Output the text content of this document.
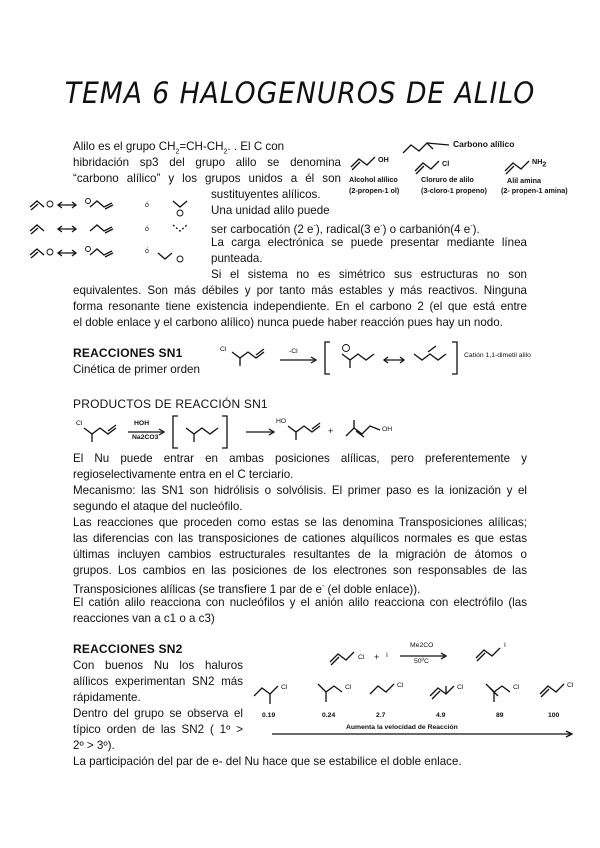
TEMA 6 HALOGENUROS DE ALILO
Alilo es el grupo $CH_2=CH-CH_2$. . El C con
hibridación sp3 del grupo alilo se denomina
“carbono alílico” y los grupos unidos a él son
sustituyentes alílicos.
Una unidad alilo puede
ser carbocatión (2 e-), radical(3 e-) o carbanión(4 e-).
La carga electrónica se puede presentar mediante línea
punteada.
Si el sistema no es simétrico sus estructuras no son
equivalentes. Son más débiles y por tanto más estables y más reactivos. Ninguna
forma resonante tiene existencia independiente. En el carbono 2 (el que está entre
el doble enlace y el carbono alílico) nunca puede haber reacción pues hay un nodo.
Carbono alílico
OH	Cl	$NH_2$
Alcohol alílico
(2-propen-1 ol)
Cloruro de alilo
(3-cloro-1 propeno)
Alil amina
(2- propen-1 amina)
ó
ó
ó
REACCIONES SN1
Cinética de primer orden
Cl	-Cl
Catión 1,1-dimetil alilo
PRODUCTOS DE REACCIÓN SN1
Cl	HOH
Na2CO3
HO
+	OH
El Nu puede entrar en ambas posiciones alílicas, pero preferentemente y
regioselectivamente entra en el C terciario.
Mecanismo: las SN1 son hidrólisis o solvólisis. El primer paso es la ionización y el
segundo el ataque del nucleófilo.
Las reacciones que proceden como estas se las denomina Transposiciones alílicas;
las diferencias con las transposiciones de cationes alquílicos normales es que estas
últimas incluyen cambios estructurales resultantes de la migración de átomos o
grupos. Los cambios en las posiciones de los electrones son responsables de las
Transposiciones alílicas (se transfiere 1 par de e- (el doble enlace)).
El catión alilo reacciona con nucleófilos y el anión alilo reacciona con electrófilo (las
reacciones van a c1 o a c3)
REACCIONES SN2
Con buenos Nu los haluros
alílicos experimentan SN2 más
rápidamente.
Dentro del grupo se observa el
típico orden de las SN2 ( 1º >
2º > 3º).
La participación del par de e- del Nu hace que se estabilice el doble enlace.
Cl + I
Me2CO
50ºC
I
Cl	Cl	Cl	Cl	Cl	Cl
0.19	0.24	2.7	4.9	89	100
Aumenta la velocidad de Reacción
